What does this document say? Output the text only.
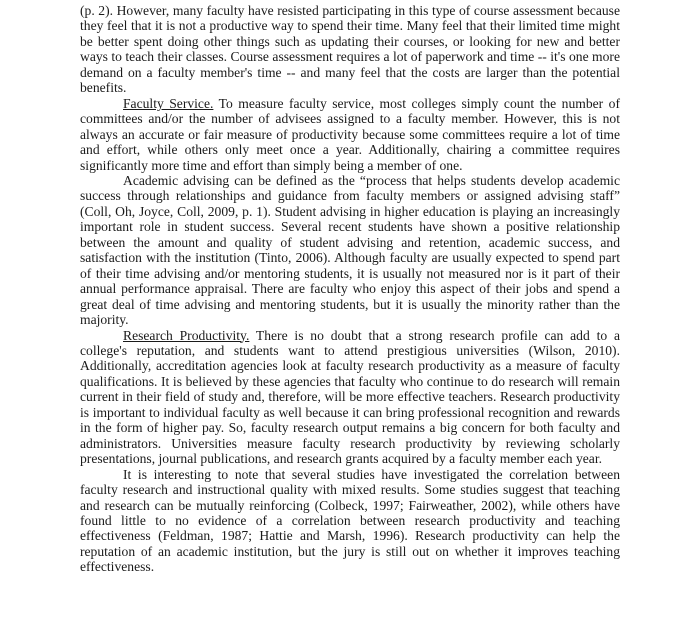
(p. 2). However, many faculty have resisted participating in this type of course assessment because they feel that it is not a productive way to spend their time. Many feel that their limited time might be better spent doing other things such as updating their courses, or looking for new and better ways to teach their classes. Course assessment requires a lot of paperwork and time -- it's one more demand on a faculty member's time -- and many feel that the costs are larger than the potential benefits.

Faculty Service. To measure faculty service, most colleges simply count the number of committees and/or the number of advisees assigned to a faculty member. However, this is not always an accurate or fair measure of productivity because some committees require a lot of time and effort, while others only meet once a year. Additionally, chairing a committee requires significantly more time and effort than simply being a member of one.

Academic advising can be defined as the “process that helps students develop academic success through relationships and guidance from faculty members or assigned advising staff” (Coll, Oh, Joyce, Coll, 2009, p. 1). Student advising in higher education is playing an increasingly important role in student success. Several recent students have shown a positive relationship between the amount and quality of student advising and retention, academic success, and satisfaction with the institution (Tinto, 2006). Although faculty are usually expected to spend part of their time advising and/or mentoring students, it is usually not measured nor is it part of their annual performance appraisal. There are faculty who enjoy this aspect of their jobs and spend a great deal of time advising and mentoring students, but it is usually the minority rather than the majority.

Research Productivity. There is no doubt that a strong research profile can add to a college's reputation, and students want to attend prestigious universities (Wilson, 2010). Additionally, accreditation agencies look at faculty research productivity as a measure of faculty qualifications. It is believed by these agencies that faculty who continue to do research will remain current in their field of study and, therefore, will be more effective teachers. Research productivity is important to individual faculty as well because it can bring professional recognition and rewards in the form of higher pay. So, faculty research output remains a big concern for both faculty and administrators. Universities measure faculty research productivity by reviewing scholarly presentations, journal publications, and research grants acquired by a faculty member each year.

It is interesting to note that several studies have investigated the correlation between faculty research and instructional quality with mixed results. Some studies suggest that teaching and research can be mutually reinforcing (Colbeck, 1997; Fairweather, 2002), while others have found little to no evidence of a correlation between research productivity and teaching effectiveness (Feldman, 1987; Hattie and Marsh, 1996). Research productivity can help the reputation of an academic institution, but the jury is still out on whether it improves teaching effectiveness.
